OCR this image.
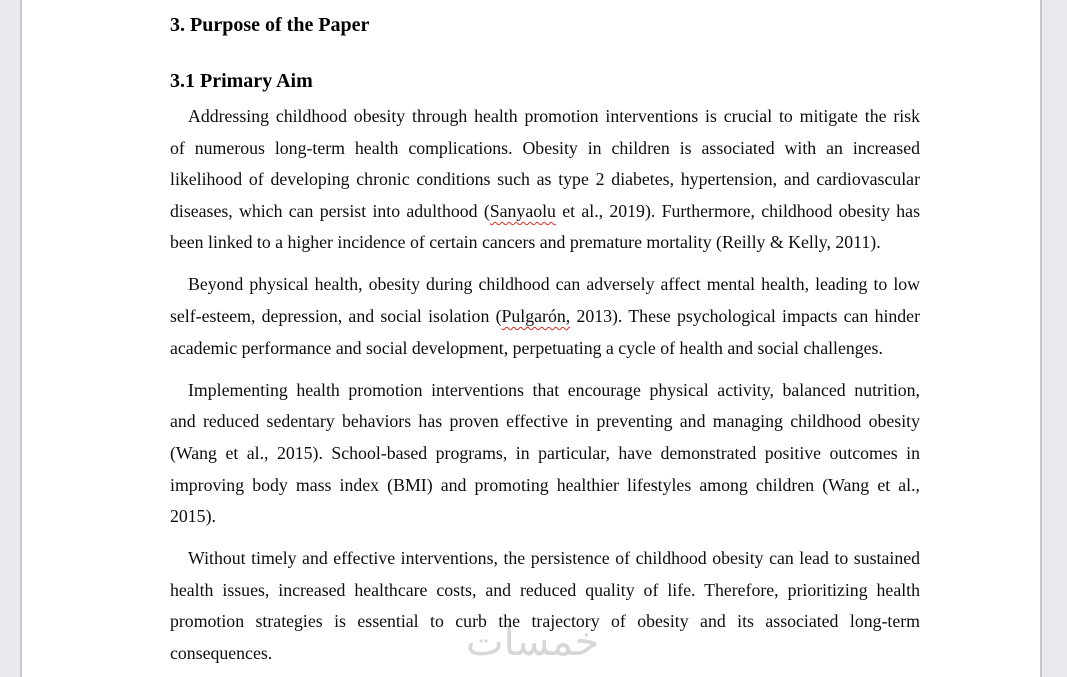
خمسات
3. Purpose of the Paper
3.1 Primary Aim
Addressing childhood obesity through health promotion interventions is crucial to mitigate the risk
of numerous long-term health complications. Obesity in children is associated with an increased
likelihood of developing chronic conditions such as type 2 diabetes, hypertension, and cardiovascular
diseases, which can persist into adulthood (Sanyaolu et al., 2019). Furthermore, childhood obesity has
been linked to a higher incidence of certain cancers and premature mortality (Reilly & Kelly, 2011).
Beyond physical health, obesity during childhood can adversely affect mental health, leading to low
self-esteem, depression, and social isolation (Pulgarón, 2013). These psychological impacts can hinder
academic performance and social development, perpetuating a cycle of health and social challenges.
Implementing health promotion interventions that encourage physical activity, balanced nutrition,
and reduced sedentary behaviors has proven effective in preventing and managing childhood obesity
(Wang et al., 2015). School-based programs, in particular, have demonstrated positive outcomes in
improving body mass index (BMI) and promoting healthier lifestyles among children (Wang et al.,
2015).
Without timely and effective interventions, the persistence of childhood obesity can lead to sustained
health issues, increased healthcare costs, and reduced quality of life. Therefore, prioritizing health
promotion strategies is essential to curb the trajectory of obesity and its associated long-term
consequences.
